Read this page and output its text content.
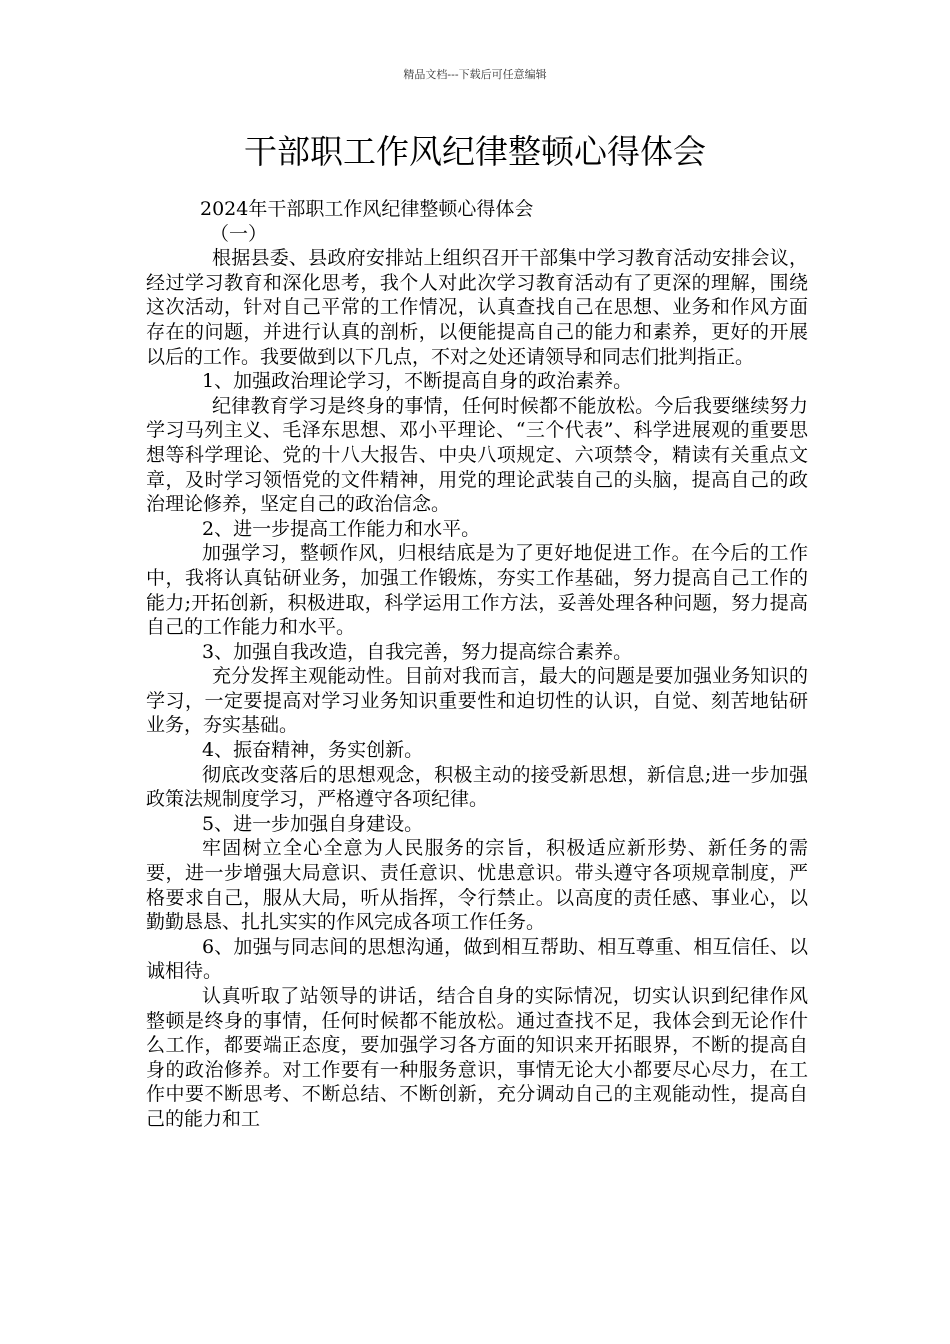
精品文档---下载后可任意编辑
干部职工作风纪律整顿心得体会

2024年干部职工作风纪律整顿心得体会

（一）

根据县委、县政府安排站上组织召开干部集中学习教育活动安排会议，经过学习教育和深化思考，我个人对此次学习教育活动有了更深的理解，围绕这次活动，针对自己平常的工作情况，认真查找自己在思想、业务和作风方面存在的问题，并进行认真的剖析，以便能提高自己的能力和素养，更好的开展以后的工作。我要做到以下几点，不对之处还请领导和同志们批判指正。

1、加强政治理论学习，不断提高自身的政治素养。

纪律教育学习是终身的事情，任何时候都不能放松。今后我要继续努力学习马列主义、毛泽东思想、邓小平理论、“三个代表”、科学进展观的重要思想等科学理论、党的十八大报告、中央八项规定、六项禁令，精读有关重点文章，及时学习领悟党的文件精神，用党的理论武装自己的头脑，提高自己的政治理论修养，坚定自己的政治信念。

2、进一步提高工作能力和水平。

加强学习，整顿作风，归根结底是为了更好地促进工作。在今后的工作中，我将认真钻研业务，加强工作锻炼，夯实工作基础，努力提高自己工作的能力;开拓创新，积极进取，科学运用工作方法，妥善处理各种问题，努力提高自己的工作能力和水平。

3、加强自我改造，自我完善，努力提高综合素养。

充分发挥主观能动性。目前对我而言，最大的问题是要加强业务知识的学习，一定要提高对学习业务知识重要性和迫切性的认识，自觉、刻苦地钻研业务，夯实基础。

4、振奋精神，务实创新。

彻底改变落后的思想观念，积极主动的接受新思想，新信息;进一步加强政策法规制度学习，严格遵守各项纪律。

5、进一步加强自身建设。

牢固树立全心全意为人民服务的宗旨，积极适应新形势、新任务的需要，进一步增强大局意识、责任意识、忧患意识。带头遵守各项规章制度，严格要求自己，服从大局，听从指挥，令行禁止。以高度的责任感、事业心，以勤勤恳恳、扎扎实实的作风完成各项工作任务。

6、加强与同志间的思想沟通，做到相互帮助、相互尊重、相互信任、以诚相待。

认真听取了站领导的讲话，结合自身的实际情况，切实认识到纪律作风整顿是终身的事情，任何时候都不能放松。通过查找不足，我体会到无论作什么工作，都要端正态度，要加强学习各方面的知识来开拓眼界，不断的提高自身的政治修养。对工作要有一种服务意识，事情无论大小都要尽心尽力，在工作中要不断思考、不断总结、不断创新，充分调动自己的主观能动性，提高自己的能力和工
